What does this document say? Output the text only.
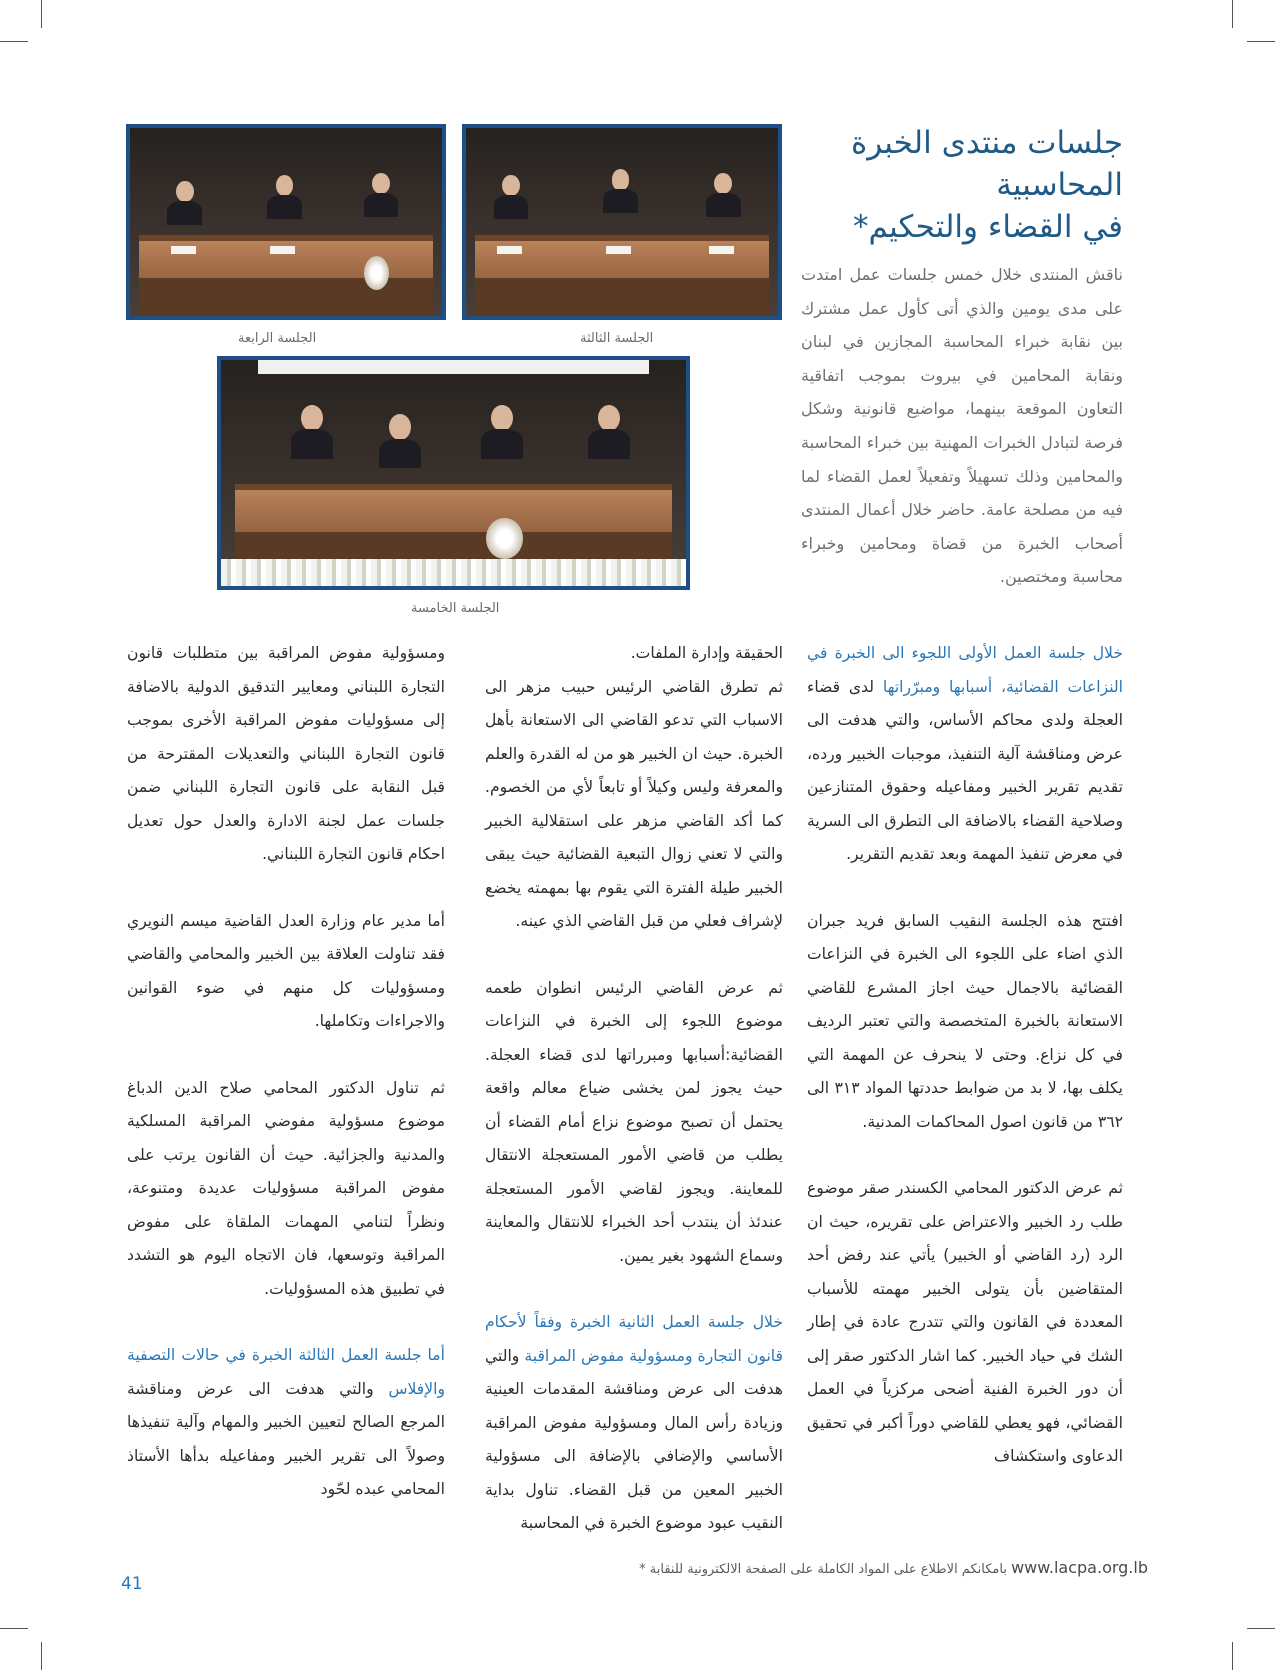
جلسات منتدى الخبرة
المحاسبية
في القضاء والتحكيم*

ناقش المنتدى خلال خمس جلسات عمل امتدت على مدى يومين والذي أتى كأول عمل مشترك بين نقابة خبراء المحاسبة المجازين في لبنان ونقابة المحامين في بيروت بموجب اتفاقية التعاون الموقعة بينهما، مواضيع قانونية وشكل فرصة لتبادل الخبرات المهنية بين خبراء المحاسبة والمحامين وذلك تسهيلاً وتفعيلاً لعمل القضاء لما فيه من مصلحة عامة. حاضر خلال أعمال المنتدى أصحاب الخبرة من قضاة ومحامين وخبراء محاسبة ومختصين.

الجلسة الثالثة
الجلسة الرابعة
الجلسة الخامسة

خلال جلسة العمل الأولى اللجوء الى الخبرة في النزاعات القضائية، أسبابها ومبرّراتها لدى قضاء العجلة ولدى محاكم الأساس، والتي هدفت الى عرض ومناقشة آلية التنفيذ، موجبات الخبير ورده، تقديم تقرير الخبير ومفاعيله وحقوق المتنازعين وصلاحية القضاء بالاضافة الى التطرق الى السرية في معرض تنفيذ المهمة وبعد تقديم التقرير.

افتتح هذه الجلسة النقيب السابق فريد جبران الذي اضاء على اللجوء الى الخبرة في النزاعات القضائية بالاجمال حيث اجاز المشرع للقاضي الاستعانة بالخبرة المتخصصة والتي تعتبر الرديف في كل نزاع. وحتى لا ينحرف عن المهمة التي يكلف بها، لا بد من ضوابط حددتها المواد ٣١٣ الى ٣٦٢ من قانون اصول المحاكمات المدنية.

ثم عرض الدكتور المحامي الكسندر صقر موضوع طلب رد الخبير والاعتراض على تقريره، حيث ان الرد (رد القاضي أو الخبير) يأتي عند رفض أحد المتقاضين بأن يتولى الخبير مهمته للأسباب المعددة في القانون والتي تتدرج عادة في إطار الشك في حياد الخبير. كما اشار الدكتور صقر إلى أن دور الخبرة الفنية أضحى مركزياً في العمل القضائي، فهو يعطي للقاضي دوراً أكبر في تحقيق الدعاوى واستكشاف

الحقيقة وإدارة الملفات.

ثم تطرق القاضي الرئيس حبيب مزهر الى الاسباب التي تدعو القاضي الى الاستعانة بأهل الخبرة. حيث ان الخبير هو من له القدرة والعلم والمعرفة وليس وكيلاً أو تابعاً لأي من الخصوم. كما أكد القاضي مزهر على استقلالية الخبير والتي لا تعني زوال التبعية القضائية حيث يبقى الخبير طيلة الفترة التي يقوم بها بمهمته يخضع لإشراف فعلي من قبل القاضي الذي عينه.

ثم عرض القاضي الرئيس انطوان طعمه موضوع اللجوء إلى الخبرة في النزاعات القضائية:أسبابها ومبرراتها لدى قضاء العجلة. حيث يجوز لمن يخشى ضياع معالم واقعة يحتمل أن تصبح موضوع نزاع أمام القضاء أن يطلب من قاضي الأمور المستعجلة الانتقال للمعاينة. ويجوز لقاضي الأمور المستعجلة عندئذ أن ينتدب أحد الخبراء للانتقال والمعاينة وسماع الشهود بغير يمين.

خلال جلسة العمل الثانية الخبرة وفقاً لأحكام قانون التجارة ومسؤولية مفوض المراقبة والتي هدفت الى عرض ومناقشة المقدمات العينية وزيادة رأس المال ومسؤولية مفوض المراقبة الأساسي والإضافي بالإضافة الى مسؤولية الخبير المعين من قبل القضاء. تناول بداية النقيب عبود موضوع الخبرة في المحاسبة

ومسؤولية مفوض المراقبة بين متطلبات قانون التجارة اللبناني ومعايير التدقيق الدولية بالاضافة إلى مسؤوليات مفوض المراقبة الأخرى بموجب قانون التجارة اللبناني والتعديلات المقترحة من قبل النقابة على قانون التجارة اللبناني ضمن جلسات عمل لجنة الادارة والعدل حول تعديل احكام قانون التجارة اللبناني.

أما مدير عام وزارة العدل القاضية ميسم النويري فقد تناولت العلاقة بين الخبير والمحامي والقاضي ومسؤوليات كل منهم في ضوء القوانين والاجراءات وتكاملها.

ثم تناول الدكتور المحامي صلاح الدين الدباغ موضوع مسؤولية مفوضي المراقبة المسلكية والمدنية والجزائية. حيث أن القانون يرتب على مفوض المراقبة مسؤوليات عديدة ومتنوعة، ونظراً لتنامي المهمات الملقاة على مفوض المراقبة وتوسعها، فان الاتجاه اليوم هو التشدد في تطبيق هذه المسؤوليات.

أما جلسة العمل الثالثة الخبرة في حالات التصفية والإفلاس والتي هدفت الى عرض ومناقشة المرجع الصالح لتعيين الخبير والمهام وآلية تنفيذها وصولاً الى تقرير الخبير ومفاعيله بدأها الأستاذ المحامي عبده لحّود

www.lacpa.org.lb بامكانكم الاطلاع على المواد الكاملة على الصفحة الالكترونية للنقابة *
41
